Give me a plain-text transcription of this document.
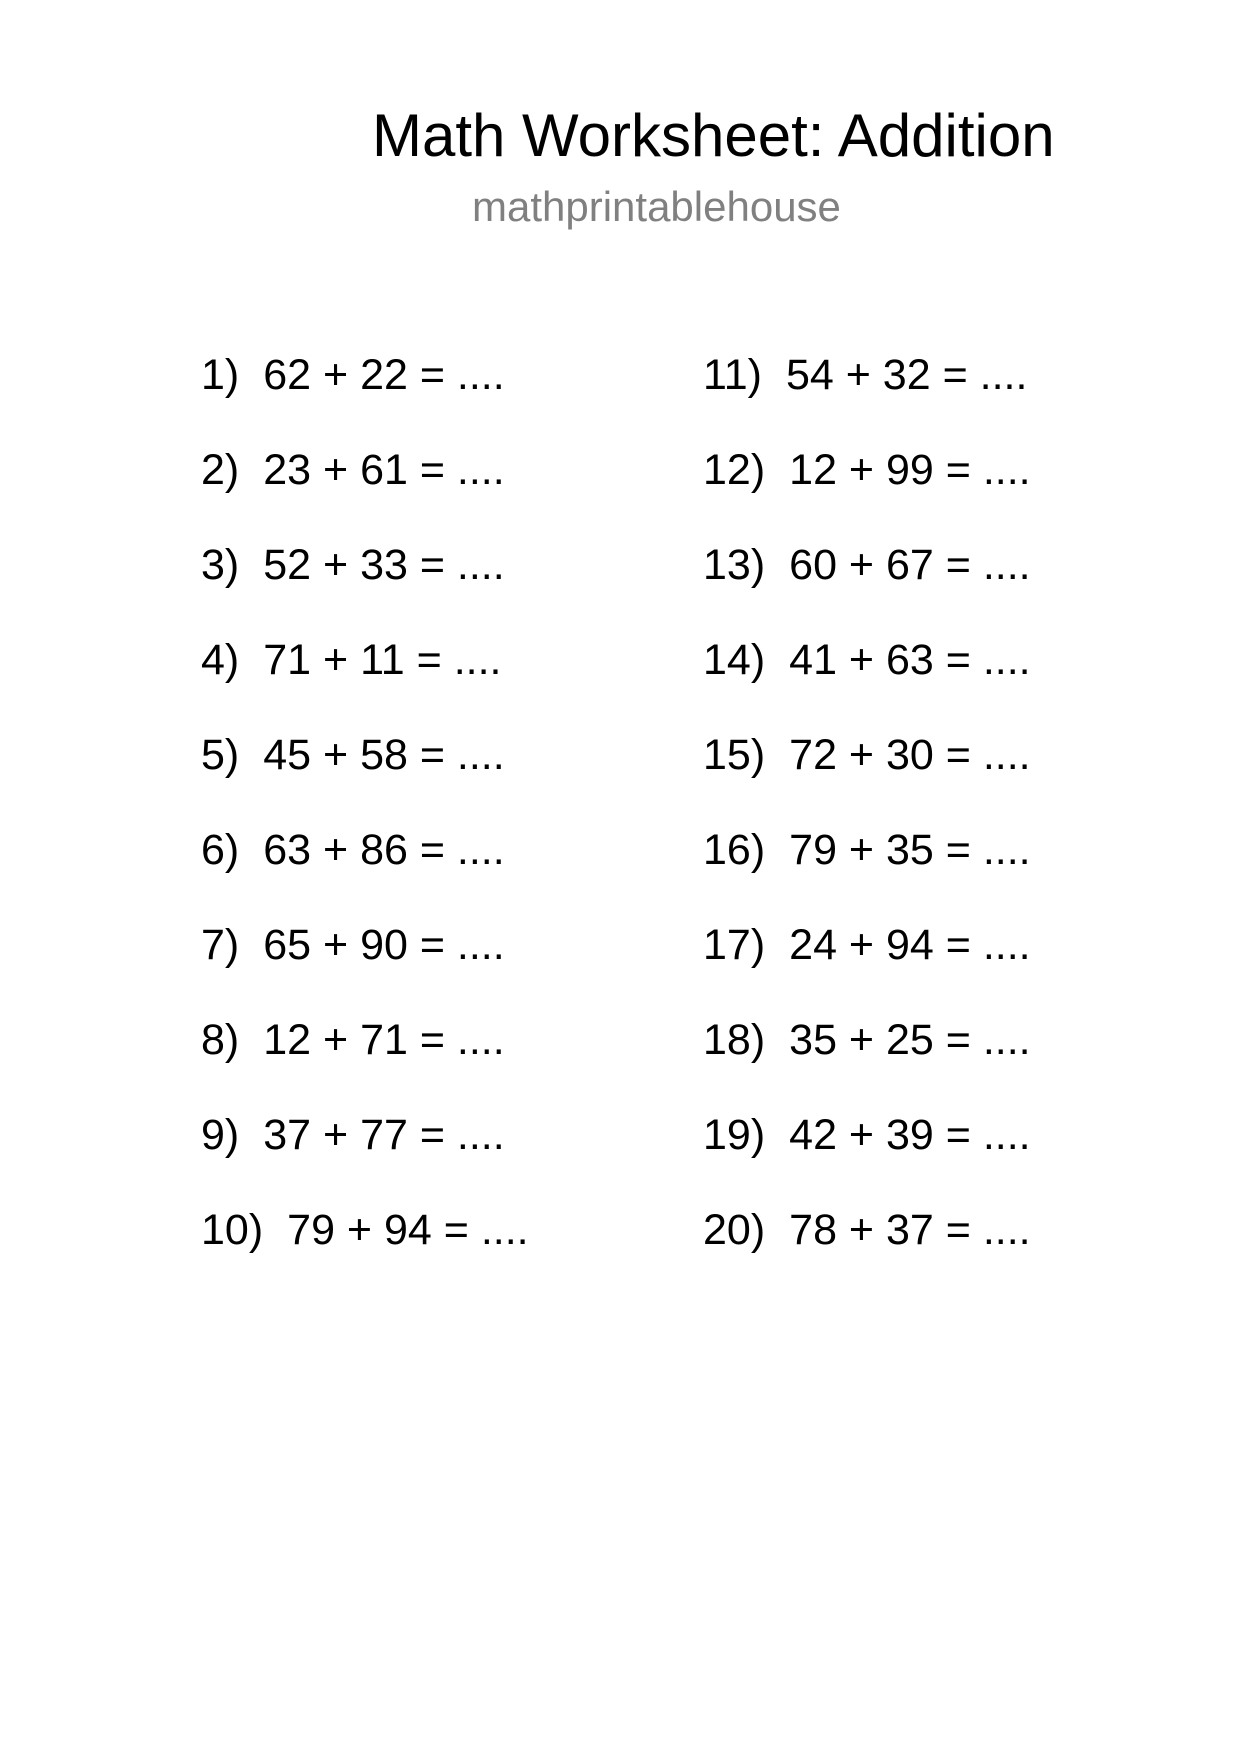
Math Worksheet: Addition
mathprintablehouse
1) 62 + 22 = ....
2) 23 + 61 = ....
3) 52 + 33 = ....
4) 71 + 11 = ....
5) 45 + 58 = ....
6) 63 + 86 = ....
7) 65 + 90 = ....
8) 12 + 71 = ....
9) 37 + 77 = ....
10) 79 + 94 = ....
11) 54 + 32 = ....
12) 12 + 99 = ....
13) 60 + 67 = ....
14) 41 + 63 = ....
15) 72 + 30 = ....
16) 79 + 35 = ....
17) 24 + 94 = ....
18) 35 + 25 = ....
19) 42 + 39 = ....
20) 78 + 37 = ....
